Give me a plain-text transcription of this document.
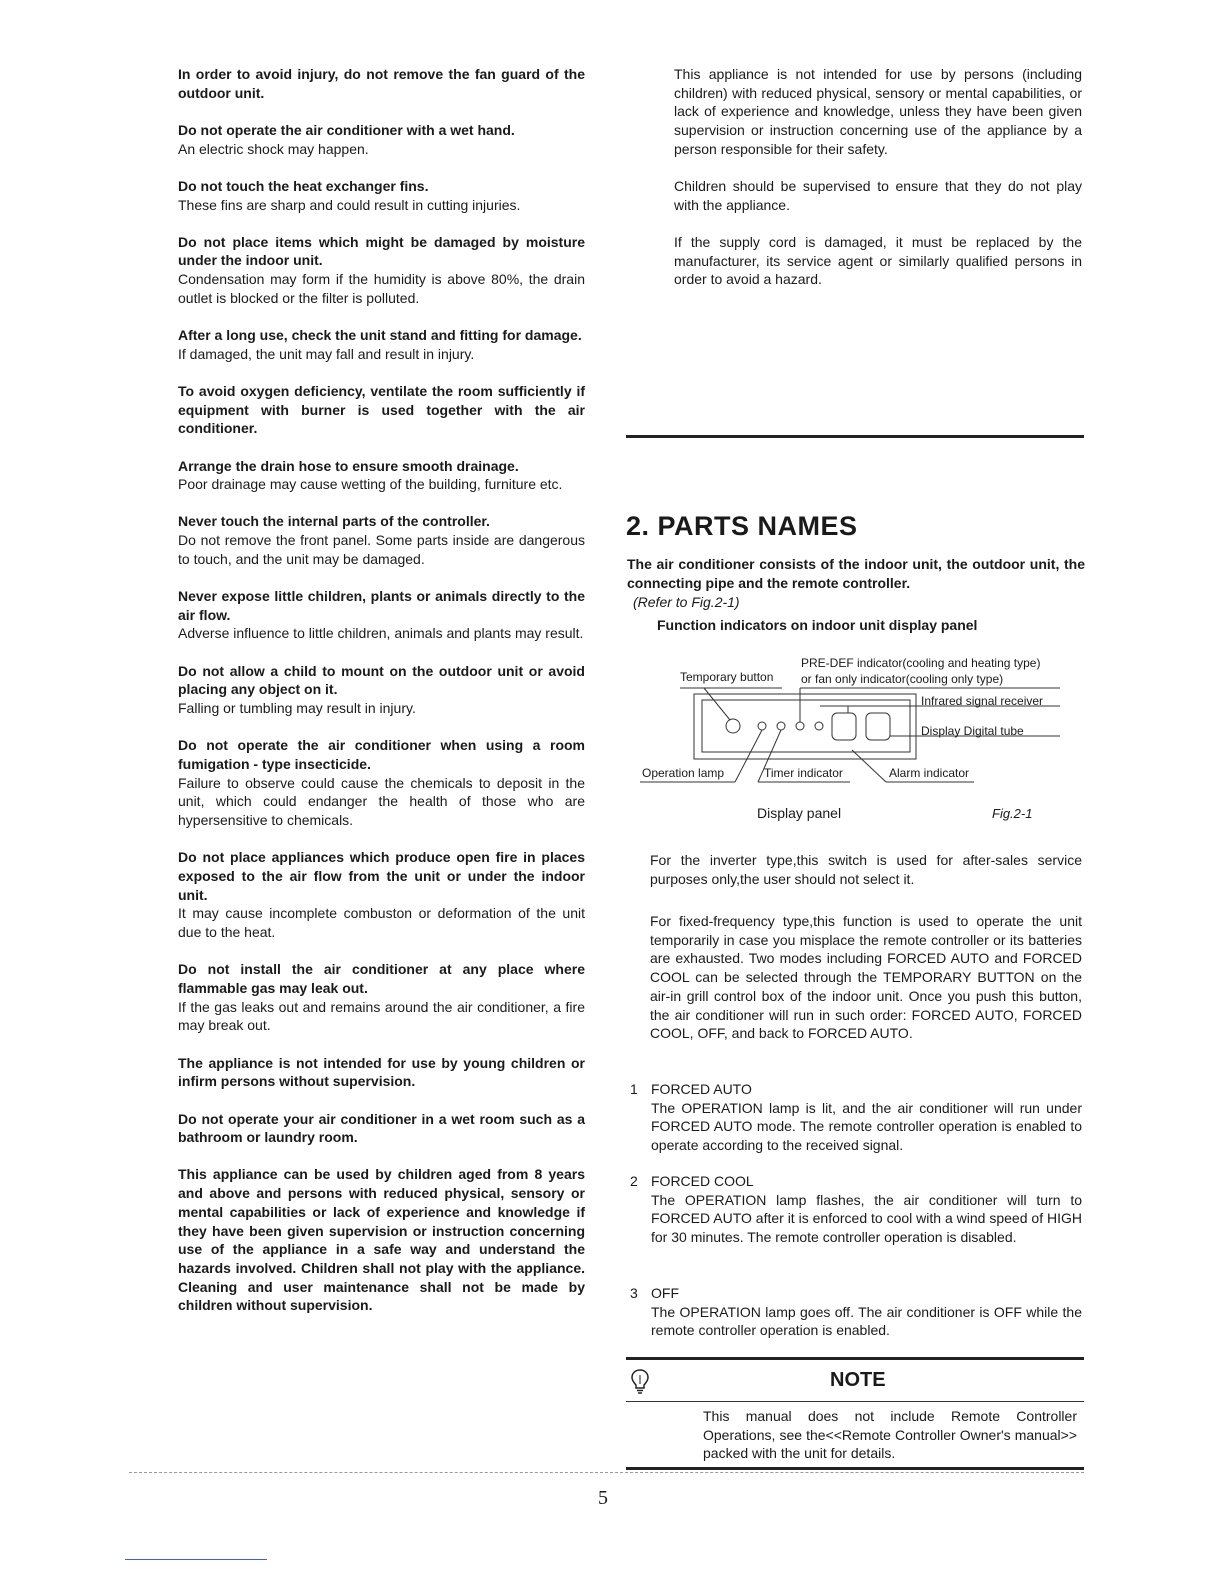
In order to avoid injury, do not remove the fan guard of the outdoor unit.

Do not operate the air conditioner with a wet hand.

An electric shock may happen.

Do not touch the heat exchanger fins.

These fins are sharp and could result in cutting injuries.

Do not place items which might be damaged by moisture under the indoor unit.

Condensation may form if the humidity is above 80%, the drain outlet is blocked or the filter is polluted.

After a long use, check the unit stand and fitting for damage.

If damaged, the unit may fall and result in injury.

To avoid oxygen deficiency, ventilate the room sufficiently if equipment with burner is used together with the air conditioner.

Arrange the drain hose to ensure smooth drainage.

Poor drainage may cause wetting of the building, furniture etc.

Never touch the internal parts of the controller.

Do not remove the front panel. Some parts inside are dangerous to touch, and the unit may be damaged.

Never expose little children, plants or animals directly to the air flow.

Adverse influence to little children, animals and plants may result.

Do not allow a child to mount on the outdoor unit or avoid placing any object on it.

Falling or tumbling may result in injury.

Do not operate the air conditioner when using a room fumigation - type insecticide.

Failure to observe could cause the chemicals to deposit in the unit, which could endanger the health of those who are hypersensitive to chemicals.

Do not place appliances which produce open fire in places exposed to the air flow from the unit or under the indoor unit.

It may cause incomplete combuston or deformation of the unit due to the heat.

Do not install the air conditioner at any place where flammable gas may leak out.

If the gas leaks out and remains around the air conditioner, a fire may break out.

The appliance is not intended for use by young children or infirm persons without supervision.

Do not operate your air conditioner in a wet room such as a bathroom or laundry room.

This appliance can be used by children aged from 8 years and above and persons with reduced physical, sensory or mental capabilities or lack of experience and knowledge if they have been given supervision or instruction concerning use of the appliance in a safe way and understand the hazards involved. Children shall not play with the appliance. Cleaning and user maintenance shall not be made by children without supervision.

This appliance is not intended for use by persons (including children) with reduced physical, sensory or mental capabilities, or lack of experience and knowledge, unless they have been given supervision or instruction concerning use of the appliance by a person responsible for their safety.

Children should be supervised to ensure that they do not play with the appliance.

If the supply cord is damaged, it must be replaced by the manufacturer, its service agent or similarly qualified persons in order to avoid a hazard.

2. PARTS NAMES
The air conditioner consists of the indoor unit, the outdoor unit, the connecting pipe and the remote controller.
(Refer to Fig.2-1)
Function indicators on indoor unit display panel
PRE-DEF indicator(cooling and heating type)
or fan only indicator(cooling only type)
Temporary button
Infrared signal receiver
Display Digital tube
Operation lamp	Timer indicator	Alarm indicator
Display panel	Fig.2-1
For the inverter type,this switch is used for after-sales service purposes only,the user should not select it.
For fixed-frequency type,this function is used to operate the unit temporarily in case you misplace the remote controller or its batteries are exhausted. Two modes including FORCED AUTO and FORCED COOL can be selected through the TEMPORARY BUTTON on the air-in grill control box of the indoor unit. Once you push this button, the air conditioner will run in such order: FORCED AUTO, FORCED COOL, OFF, and back to FORCED AUTO.
1 FORCED AUTO

The OPERATION lamp is lit, and the air conditioner will run under FORCED AUTO mode. The remote controller operation is enabled to operate according to the received signal.

2 FORCED COOL

The OPERATION lamp flashes, the air conditioner will turn to FORCED AUTO after it is enforced to cool with a wind speed of HIGH for 30 minutes. The remote controller operation is disabled.

3 OFF

The OPERATION lamp goes off. The air conditioner is OFF while the remote controller operation is enabled.

NOTE
This manual does not include Remote Controller Operations, see the<<Remote Controller Owner's manual>> packed with the unit for details.
5
